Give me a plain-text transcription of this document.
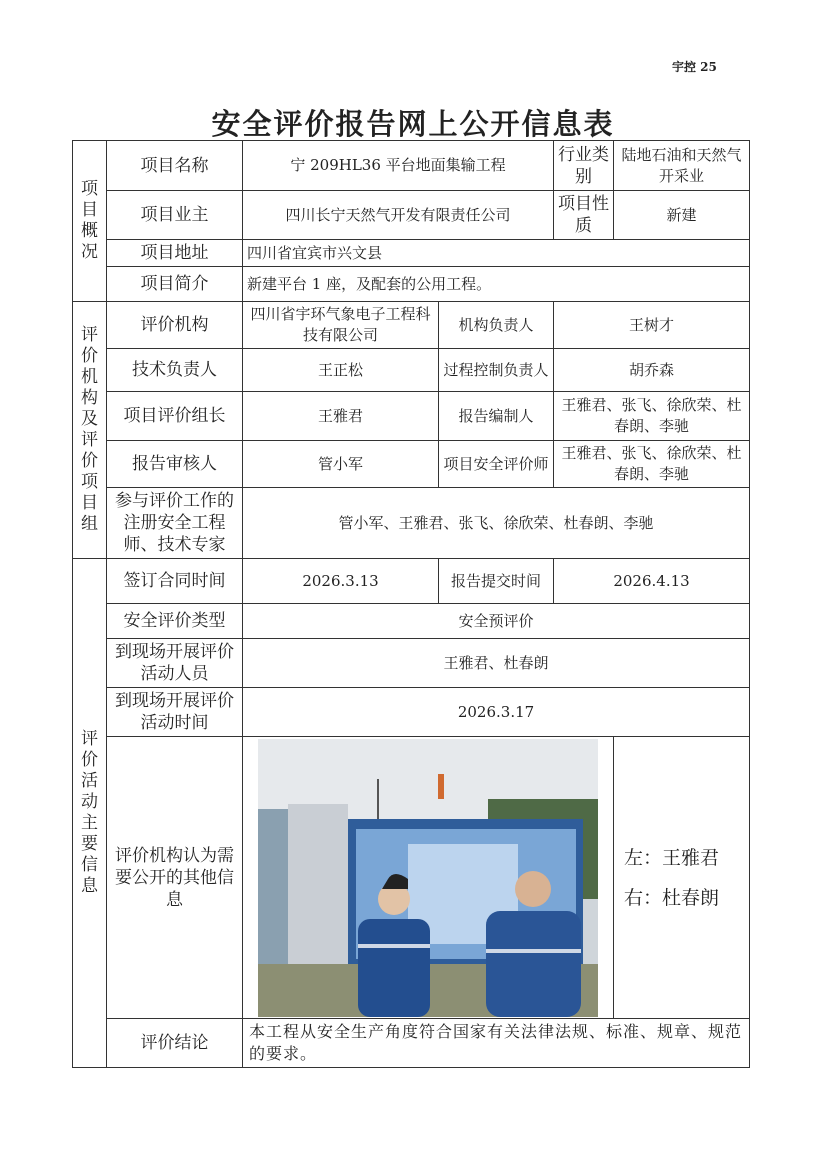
宇控 25
安全评价报告网上公开信息表
项目概况	项目名称	宁 209HL36 平台地面集输工程		行业类别	陆地石油和天然气开采业
	项目业主	四川长宁天然气开发有限责任公司		项目性质	新建
	项目地址	四川省宜宾市兴文县			
	项目简介	新建平台 1 座，及配套的公用工程。			

评价机构及评价项目组	评价机构	四川省宇环气象电子工程科技有限公司	机构负责人	王树才	
	技术负责人	王正松	过程控制负责人	胡乔森	
	项目评价组长	王雅君	报告编制人	王雅君、张飞、徐欣荣、杜春朗、李驰	
	报告审核人	管小军	项目安全评价师	王雅君、张飞、徐欣荣、杜春朗、李驰	
	参与评价工作的注册安全工程师、技术专家	管小军、王雅君、张飞、徐欣荣、杜春朗、李驰			

评价活动主要信息	签订合同时间	2026.3.13	报告提交时间	2026.4.13	
	安全评价类型	安全预评价			
	到现场开展评价活动人员	王雅君、杜春朗			
	到现场开展评价活动时间	2026.3.17			
	评价机构认为需要公开的其他信息				左：王雅君
右：杜春朗

	评价结论	本工程从安全生产角度符合国家有关法律法规、标准、规章、规范的要求。			
